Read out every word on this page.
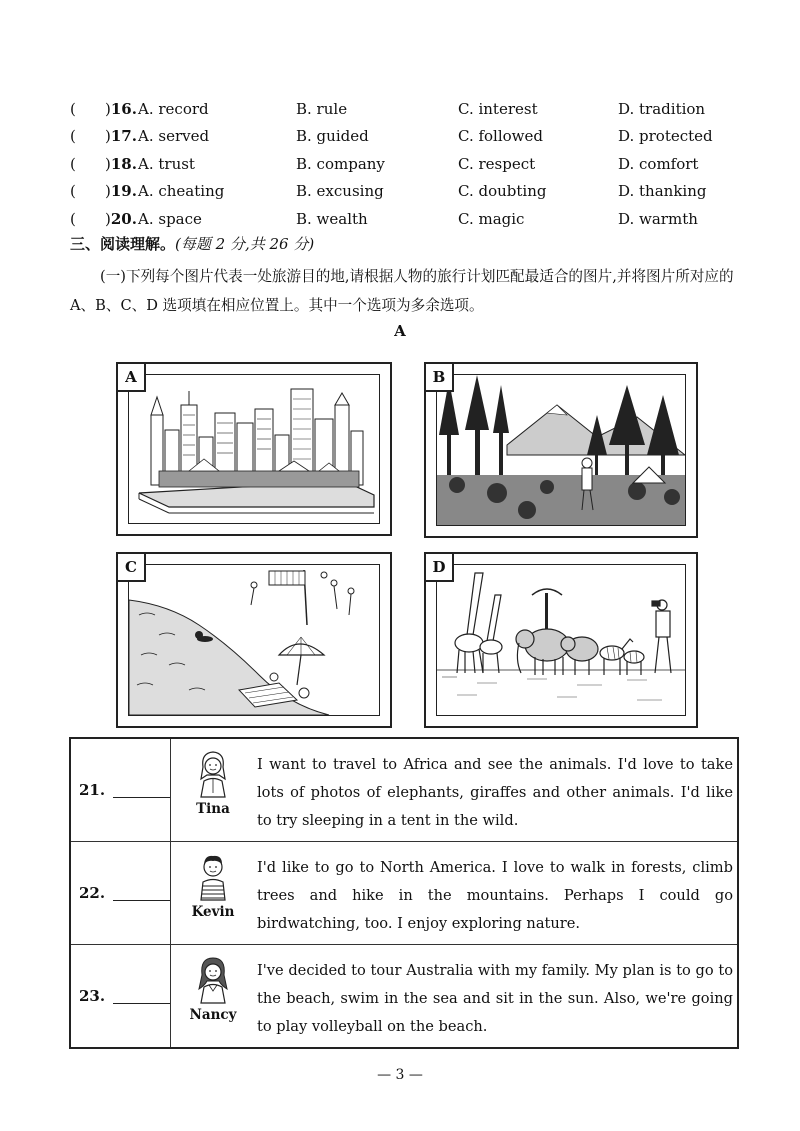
( )16. A. record	B. rule	C. interest	D. tradition
( )17. A. served	B. guided	C. followed	D. protected
( )18. A. trust	B. company	C. respect	D. comfort
( )19. A. cheating	B. excusing	C. doubting	D. thanking
( )20. A. space	B. wealth	C. magic	D. warmth
三、阅读理解。(每题 2 分,共 26 分)
(一)下列每个图片代表一处旅游目的地,请根据人物的旅行计划匹配最适合的图片,并将图片所对应的 A、B、C、D 选项填在相应位置上。其中一个选项为多余选项。
A
A	B
C	D
21.
Tina
I want to travel to Africa and see the animals. I'd love to take lots of photos of elephants, giraffes and other animals. I'd like to try sleeping in a tent in the wild.
22.
Kevin
I'd like to go to North America. I love to walk in forests, climb trees and hike in the mountains. Perhaps I could go birdwatching, too. I enjoy exploring nature.
23.
Nancy
I've decided to tour Australia with my family. My plan is to go to the beach, swim in the sea and sit in the sun. Also, we're going to play volleyball on the beach.
— 3 —
